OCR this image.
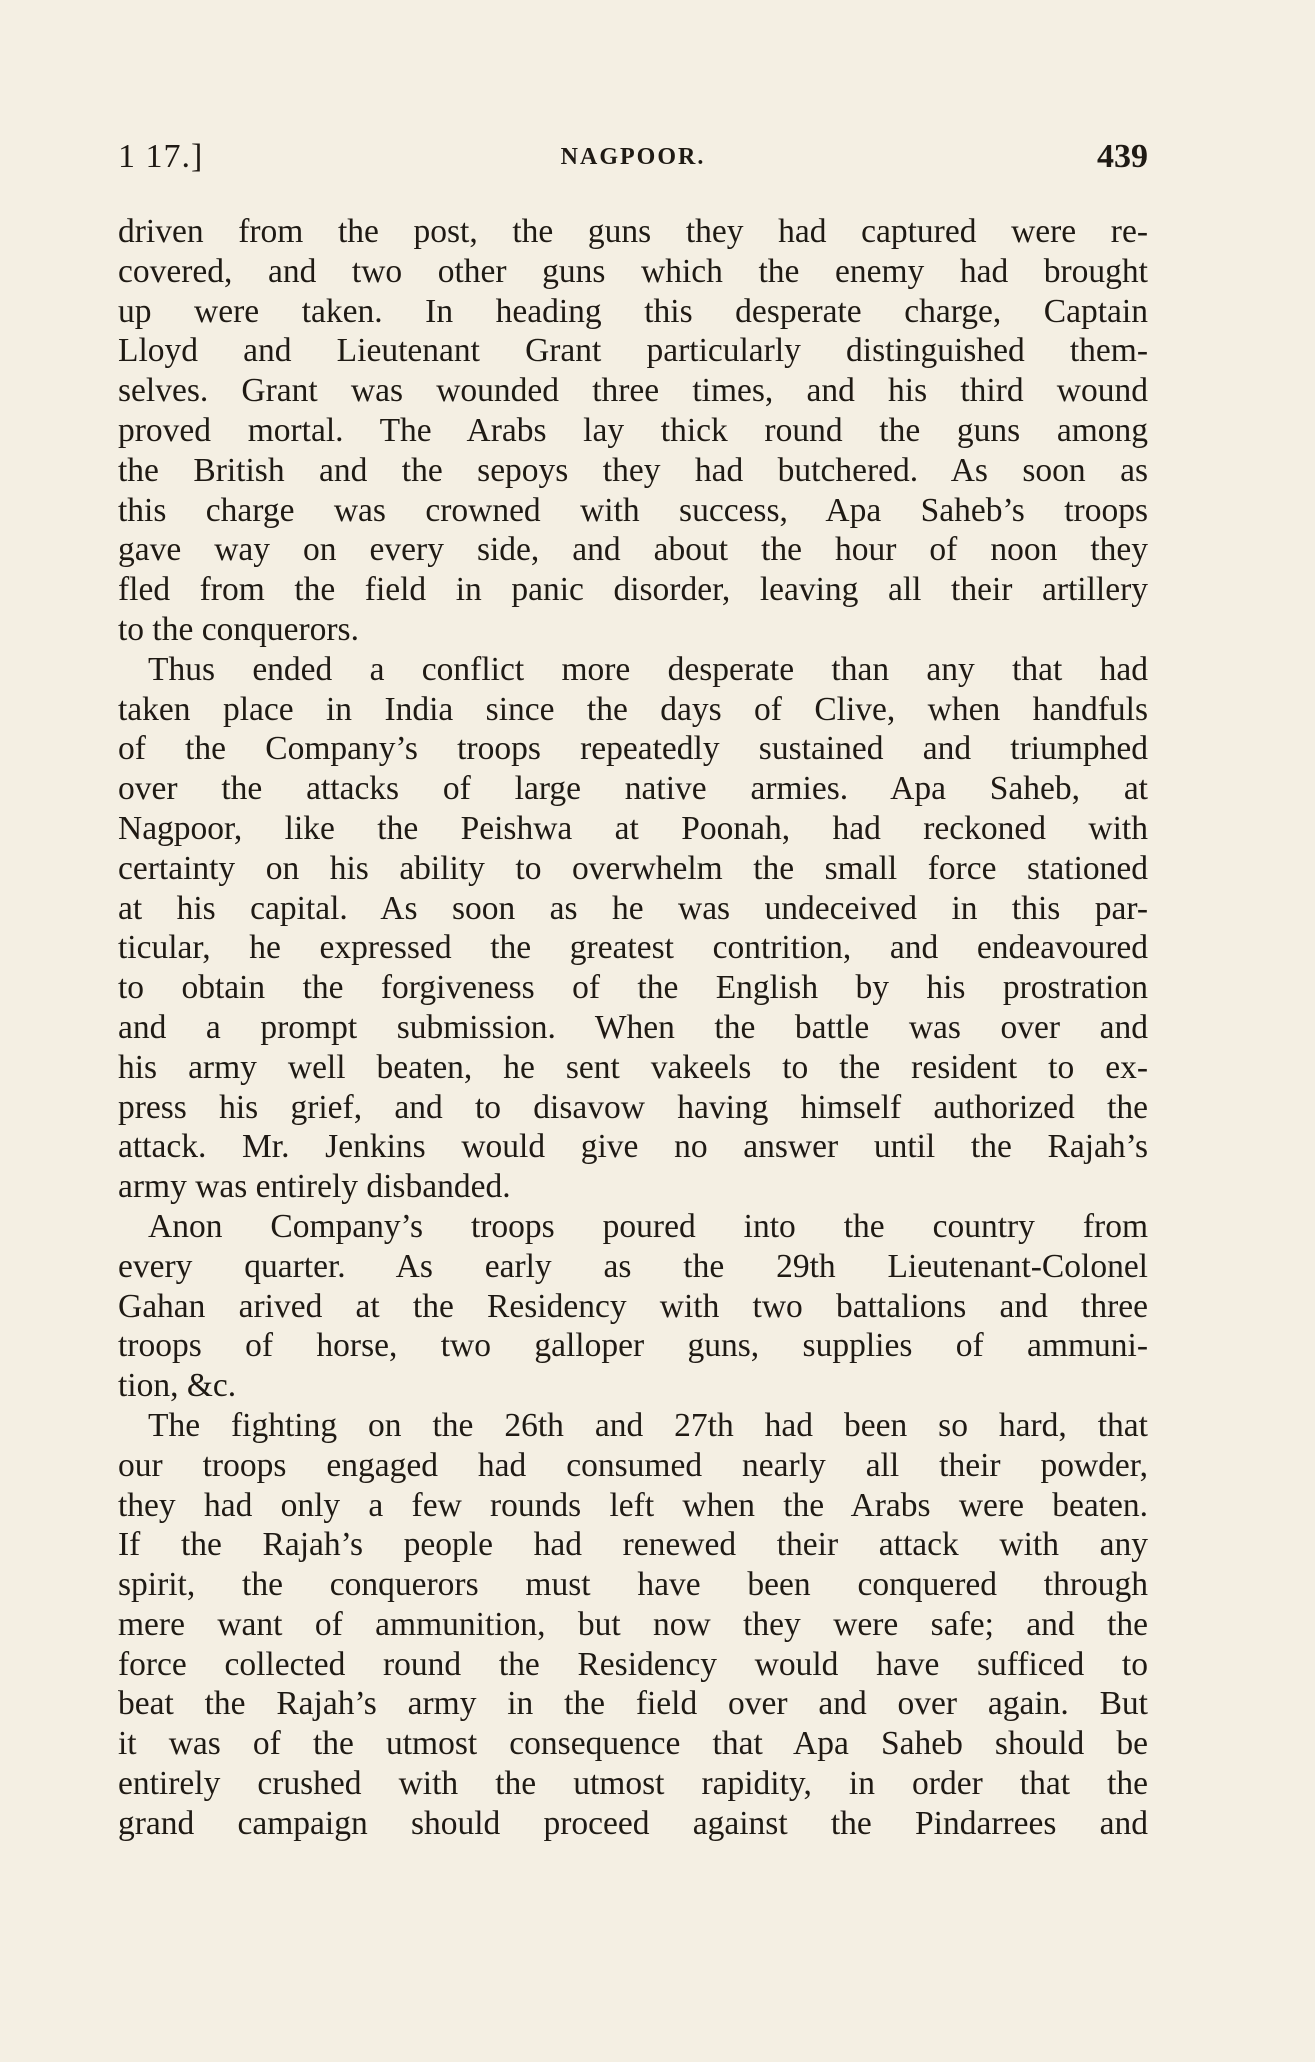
1 17.]	NAGPOOR.	439
driven from the post, the guns they had captured were re-
covered, and two other guns which the enemy had brought
up were taken. In heading this desperate charge, Captain
Lloyd and Lieutenant Grant particularly distinguished them-
selves. Grant was wounded three times, and his third wound
proved mortal. The Arabs lay thick round the guns among
the British and the sepoys they had butchered. As soon as
this charge was crowned with success, Apa Saheb’s troops
gave way on every side, and about the hour of noon they
fled from the field in panic disorder, leaving all their artillery
to the conquerors.
Thus ended a conflict more desperate than any that had
taken place in India since the days of Clive, when handfuls
of the Company’s troops repeatedly sustained and triumphed
over the attacks of large native armies. Apa Saheb, at
Nagpoor, like the Peishwa at Poonah, had reckoned with
certainty on his ability to overwhelm the small force stationed
at his capital. As soon as he was undeceived in this par-
ticular, he expressed the greatest contrition, and endeavoured
to obtain the forgiveness of the English by his prostration
and a prompt submission. When the battle was over and
his army well beaten, he sent vakeels to the resident to ex-
press his grief, and to disavow having himself authorized the
attack. Mr. Jenkins would give no answer until the Rajah’s
army was entirely disbanded.
Anon Company’s troops poured into the country from
every quarter. As early as the 29th Lieutenant-Colonel
Gahan arived at the Residency with two battalions and three
troops of horse, two galloper guns, supplies of ammuni-
tion, &c.
The fighting on the 26th and 27th had been so hard, that
our troops engaged had consumed nearly all their powder,
they had only a few rounds left when the Arabs were beaten.
If the Rajah’s people had renewed their attack with any
spirit, the conquerors must have been conquered through
mere want of ammunition, but now they were safe; and the
force collected round the Residency would have sufficed to
beat the Rajah’s army in the field over and over again. But
it was of the utmost consequence that Apa Saheb should be
entirely crushed with the utmost rapidity, in order that the
grand campaign should proceed against the Pindarrees and
